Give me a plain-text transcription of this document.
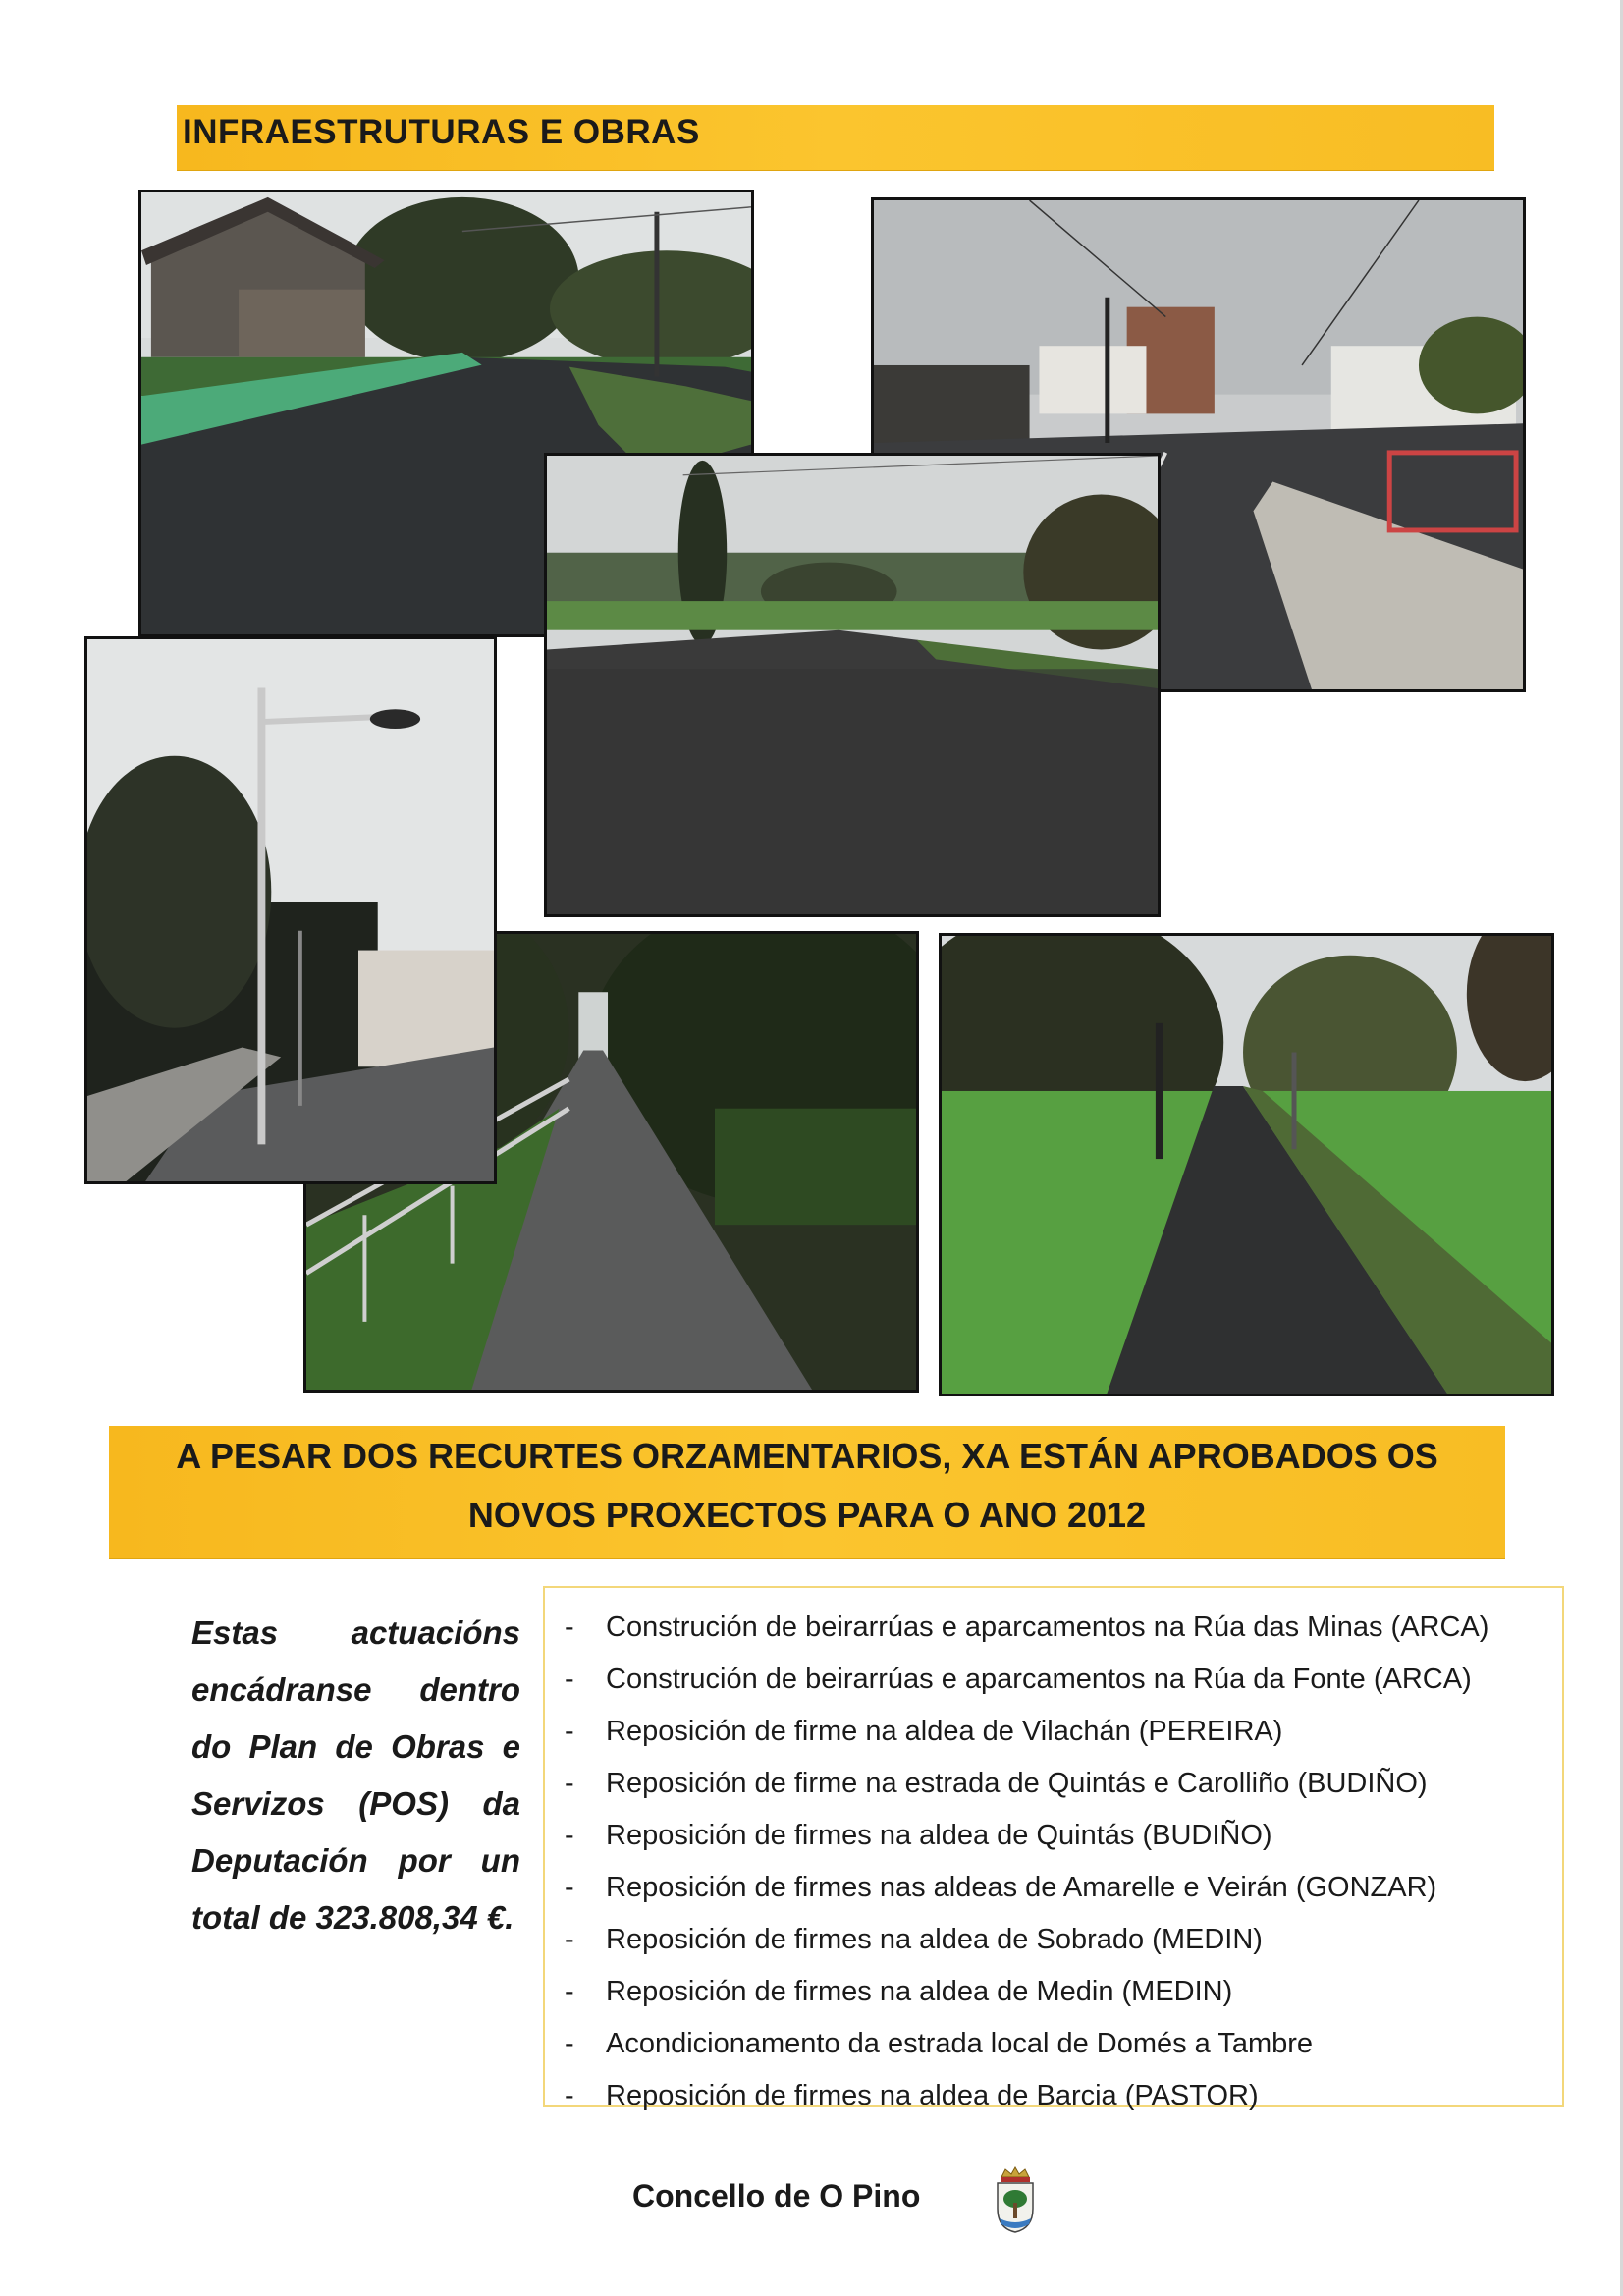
INFRAESTRUTURAS E OBRAS
A PESAR DOS RECURTES ORZAMENTARIOS, XA ESTÁN APROBADOS OS
NOVOS PROXECTOS PARA O ANO 2012
Estas actuacións encádranse dentro do Plan de Obras e Servizos (POS) da Deputación por un
total de 323.808,34 €.
- Construción de beirarrúas e aparcamentos na Rúa das Minas (ARCA)
- Construción de beirarrúas e aparcamentos na Rúa da Fonte (ARCA)
- Reposición de firme na aldea de Vilachán (PEREIRA)
- Reposición de firme na estrada de Quintás e Carolliño (BUDIÑO)
- Reposición de firmes na aldea de Quintás (BUDIÑO)
- Reposición de firmes nas aldeas de Amarelle e Veirán (GONZAR)
- Reposición de firmes na aldea de Sobrado (MEDIN)
- Reposición de firmes na aldea de Medin (MEDIN)
- Acondicionamento da estrada local de Domés a Tambre
- Reposición de firmes na aldea de Barcia (PASTOR)
Concello de O Pino
